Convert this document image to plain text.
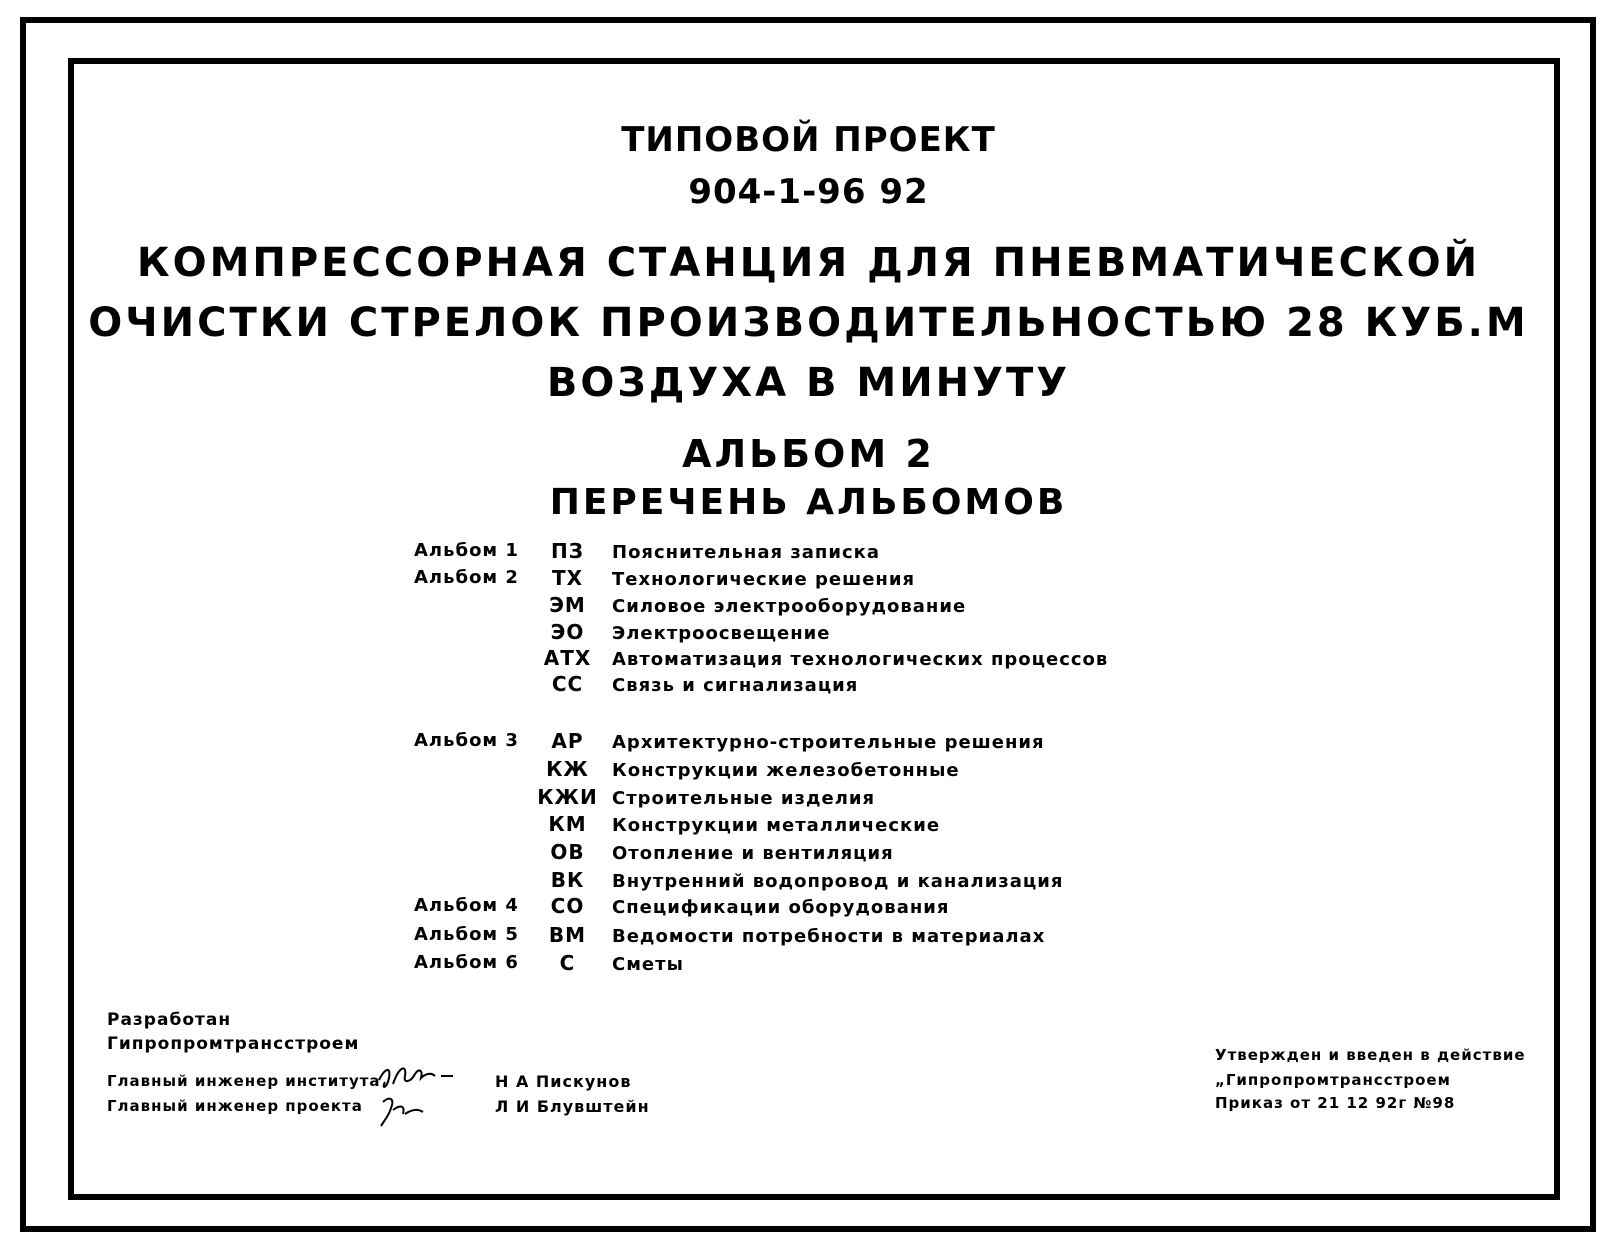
ТИПОВОЙ ПРОЕКТ
904-1-96 92
КОМПРЕССОРНАЯ СТАНЦИЯ ДЛЯ ПНЕВМАТИЧЕСКОЙ
ОЧИСТКИ СТРЕЛОК ПРОИЗВОДИТЕЛЬНОСТЬЮ 28 КУБ.М
ВОЗДУХА В МИНУТУ
АЛЬБОМ 2
ПЕРЕЧЕНЬ АЛЬБОМОВ
Альбом 1	ПЗ	Пояснительная записка
Альбом 2	ТХ	Технологические решения
ЭМ	Силовое электрооборудование
ЭО	Электроосвещение
АТХ	Автоматизация технологических процессов
СС	Связь и сигнализация
Альбом 3	АР	Архитектурно-строительные решения
КЖ	Конструкции железобетонные
КЖИ Строительные изделия
КМ	Конструкции металлические
ОВ	Отопление и вентиляция
ВК	Внутренний водопровод и канализация
Альбом 4	СО	Спецификации оборудования
Альбом 5	ВМ	Ведомости потребности в материалах
Альбом 6	С	Сметы
Разработан
Гипропромтрансстроем
Главный инженер института
Главный инженер проекта
Н А Пискунов
Л И Блувштейн
Утвержден и введен в действие
„Гипропромтрансстроем
Приказ от 21 12 92г №98
